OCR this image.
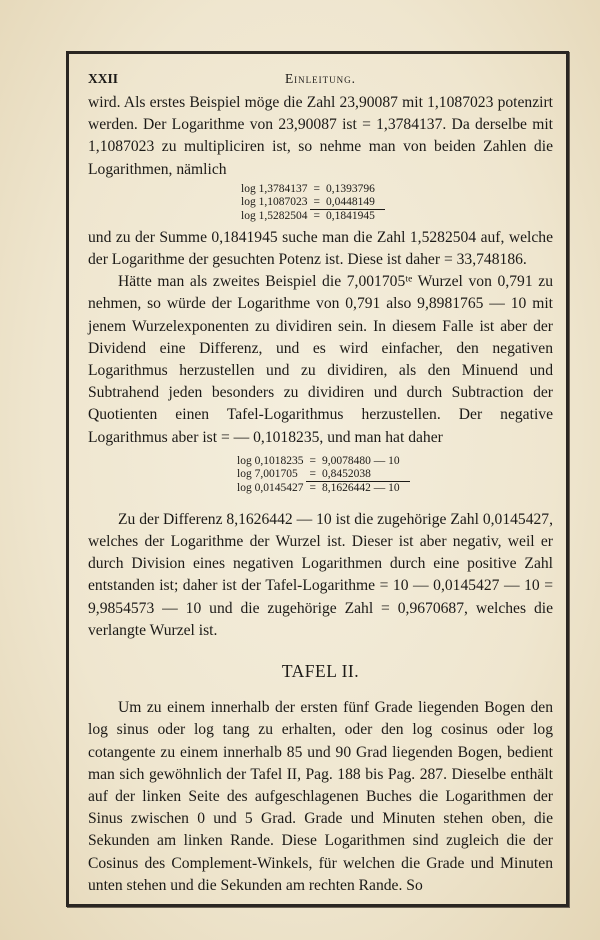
XXII	Einleitung.

wird. Als erstes Beispiel möge die Zahl 23,90087 mit 1,1087023 potenzirt werden. Der Logarithme von 23,90087 ist = 1,3784137. Da derselbe mit 1,1087023 zu multipliciren ist, so nehme man von beiden Zahlen die Logarithmen, nämlich

log 1,3784137	=	0,1393796
log 1,1087023	=	0,0448149
log 1,5282504	=	0,1841945

und zu der Summe 0,1841945 suche man die Zahl 1,5282504 auf, welche der Logarithme der gesuchten Potenz ist. Diese ist daher = 33,748186.

Hätte man als zweites Beispiel die 7,001705ᵗᵉ Wurzel von 0,791 zu nehmen, so würde der Logarithme von 0,791 also 9,8981765 — 10 mit jenem Wurzelexponenten zu dividiren sein. In diesem Falle ist aber der Dividend eine Differenz, und es wird einfacher, den negativen Logarithmus herzustellen und zu dividiren, als den Minuend und Subtrahend jeden besonders zu dividiren und durch Subtraction der Quotienten einen Tafel-Logarithmus herzustellen. Der negative Logarithmus aber ist = — 0,1018235, und man hat daher

log 0,1018235	=	9,0078480 — 10
log 7,001705	=	0,8452038
log 0,0145427	=	8,1626442 — 10

Zu der Differenz 8,1626442 — 10 ist die zugehörige Zahl 0,0145427, welches der Logarithme der Wurzel ist. Dieser ist aber negativ, weil er durch Division eines negativen Logarithmen durch eine positive Zahl entstanden ist; daher ist der Tafel-Logarithme = 10 — 0,0145427 — 10 = 9,9854573 — 10 und die zugehörige Zahl = 0,9670687, welches die verlangte Wurzel ist.

TAFEL II.

Um zu einem innerhalb der ersten fünf Grade liegenden Bogen den log sinus oder log tang zu erhalten, oder den log cosinus oder log cotangente zu einem innerhalb 85 und 90 Grad liegenden Bogen, bedient man sich gewöhnlich der Tafel II, Pag. 188 bis Pag. 287. Dieselbe enthält auf der linken Seite des aufgeschlagenen Buches die Logarithmen der Sinus zwischen 0 und 5 Grad. Grade und Minuten stehen oben, die Sekunden am linken Rande. Diese Logarithmen sind zugleich die der Cosinus des Complement-Winkels, für welchen die Grade und Minuten unten stehen und die Sekunden am rechten Rande. So
